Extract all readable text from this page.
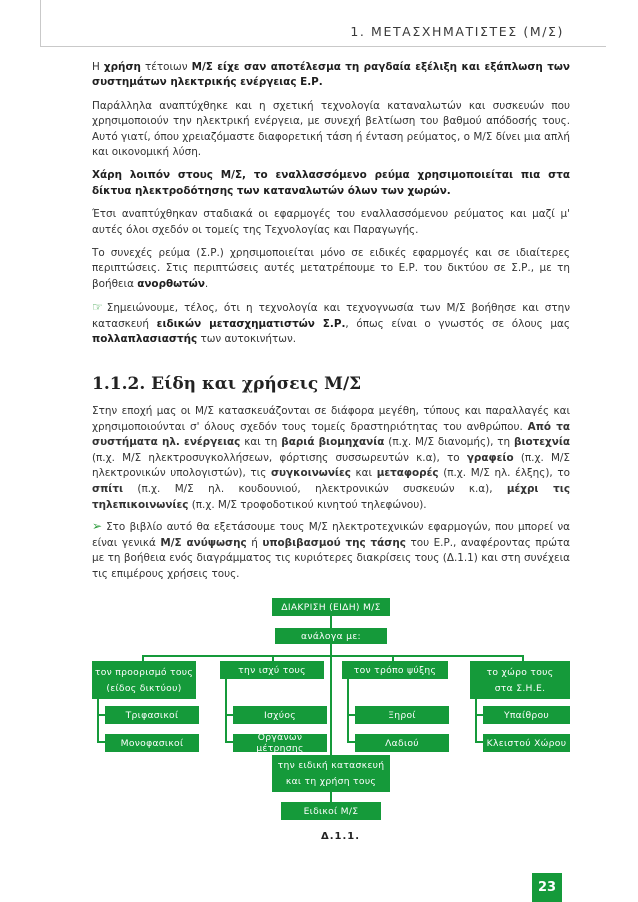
1. ΜΕΤΑΣΧΗΜΑΤΙΣΤΕΣ (Μ/Σ)

Η χρήση τέτοιων Μ/Σ είχε σαν αποτέλεσμα τη ραγδαία εξέλιξη και εξάπλωση των συστημάτων ηλεκτρικής ενέργειας Ε.Ρ.

Παράλληλα αναπτύχθηκε και η σχετική τεχνολογία καταναλωτών και συσκευών που χρησιμοποιούν την ηλεκτρική ενέργεια, με συνεχή βελτίωση του βαθμού απόδοσής τους. Αυτό γιατί, όπου χρειαζόμαστε διαφορετική τάση ή ένταση ρεύματος, ο Μ/Σ δίνει μια απλή και οικονομική λύση.

Χάρη λοιπόν στους Μ/Σ, το εναλλασσόμενο ρεύμα χρησιμοποιείται πια στα δίκτυα ηλεκτροδότησης των καταναλωτών όλων των χωρών.

Έτσι αναπτύχθηκαν σταδιακά οι εφαρμογές του εναλλασσόμενου ρεύματος και μαζί μ' αυτές όλοι σχεδόν οι τομείς της Τεχνολογίας και Παραγωγής.

Το συνεχές ρεύμα (Σ.Ρ.) χρησιμοποιείται μόνο σε ειδικές εφαρμογές και σε ιδιαίτερες περιπτώσεις. Στις περιπτώσεις αυτές μετατρέπουμε το Ε.Ρ. του δικτύου σε Σ.Ρ., με τη βοήθεια ανορθωτών.

☞ Σημειώνουμε, τέλος, ότι η τεχνολογία και τεχνογνωσία των Μ/Σ βοήθησε και στην κατασκευή ειδικών μετασχηματιστών Σ.Ρ., όπως είναι ο γνωστός σε όλους μας πολλαπλασιαστής των αυτοκινήτων.

1.1.2. Είδη και χρήσεις Μ/Σ

Στην εποχή μας οι Μ/Σ κατασκευάζονται σε διάφορα μεγέθη, τύπους και παραλλαγές και χρησιμοποιούνται σ' όλους σχεδόν τους τομείς δραστηριότητας του ανθρώπου. Από τα συστήματα ηλ. ενέργειας και τη βαριά βιομηχανία (π.χ. Μ/Σ διανομής), τη βιοτεχνία (π.χ. Μ/Σ ηλεκτροσυγκολλήσεων, φόρτισης συσσωρευτών κ.α), το γραφείο (π.χ. Μ/Σ ηλεκτρονικών υπολογιστών), τις συγκοινωνίες και μεταφορές (π.χ. Μ/Σ ηλ. έλξης), το σπίτι (π.χ. Μ/Σ ηλ. κουδουνιού, ηλεκτρονικών συσκευών κ.α), μέχρι τις τηλεπικοινωνίες (π.χ. Μ/Σ τροφοδοτικού κινητού τηλεφώνου).

➢ Στο βιβλίο αυτό θα εξετάσουμε τους Μ/Σ ηλεκτροτεχνικών εφαρμογών, που μπορεί να είναι γενικά Μ/Σ ανύψωσης ή υποβιβασμού της τάσης του Ε.Ρ., αναφέροντας πρώτα με τη βοήθεια ενός διαγράμματος τις κυριότερες διακρίσεις τους (Δ.1.1) και στη συνέχεια τις επιμέρους χρήσεις τους.

ΔΙΑΚΡΙΣΗ (ΕΙΔΗ) Μ/Σ
ανάλογα με:
τον προορισμό τους
(είδος δικτύου)
την ισχύ τους	τον τρόπο ψύξης	το χώρο τους
στα Σ.Η.Ε.
Τριφασικοί
Μονοφασικοί
Ισχύος
Οργάνων μέτρησης
Ξηροί
Λαδιού
Υπαίθρου
Κλειστού Χώρου
την ειδική κατασκευή
και τη χρήση τους
Ειδικοί Μ/Σ
Δ.1.1.
23
